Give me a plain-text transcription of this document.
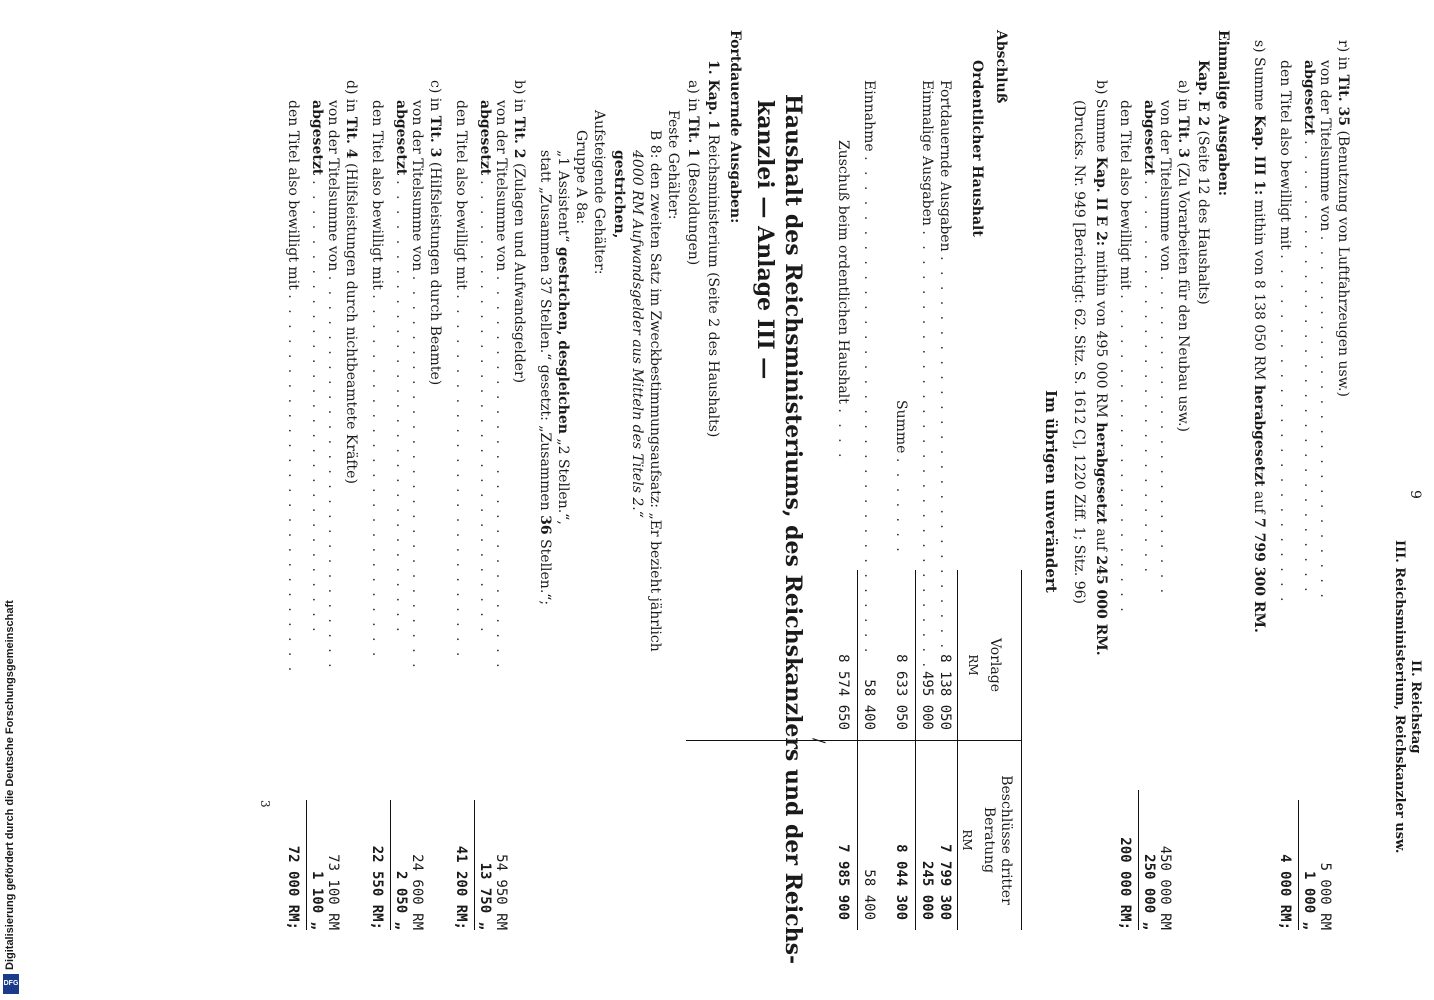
9
II. Reichstag
III. Reichsministerium, Reichskanzler usw.
r) in Tit. 35 (Benutzung von Luftfahrzeugen usw.)
von der Titelsumme von . . . . . . . . . . . . . . . . . . . . . . . . .
5 000 RM
abgesetzt . . . . . . . . . . . . . . . . . . . . . . . . . . . . . . .
1 000 „
den Titel also bewilligt mit . . . . . . . . . . . . . . . . . . . . . . . .
4 000 RM;
s) Summe Kap. III 1: mithin von 8 138 050 RM herabgesetzt auf 7 799 300 RM.
Einmalige Ausgaben:
Kap. E 2 (Seite 12 des Haushalts)
a) in Tit. 3 (Zu Vorarbeiten für den Neubau usw.)
von der Titelsumme von . . . . . . . . . . . . . . . . . . . . . .
450 000 RM
abgesetzt . . . . . . . . . . . . . . . . . . . . . . . . . . .
250 000 „
den Titel also bewilligt mit . . . . . . . . . . . . . . . . . . . . . .
200 000 RM;
b) Summe Kap. II E 2: mithin von 495 000 RM herabgesetzt auf 245 000 RM.
(Drucks. Nr. 949 [Berichtigt: 62. Sitz. S. 1612 C], 1220 Ziff. 1; Sitz. 96)
Im übrigen unverändert
Abschluß
Vorlage
RM
Beschlüsse dritter Beratung
RM
Ordentlicher Haushalt
Fortdauernde Ausgaben . . . . . . . . . . . . . . . . . . . . . . . . . . . .
8 138 050
7 799 300
Einmalige Ausgaben . . . . . . . . . . . . . . . . . . . . . . . . . . . . . .
495 000
245 000
Summe . . . . . . .
8 633 050
8 044 300
Einnahme . . . . . . . . . . . . . . . . . . . . . . . . . . . . . . . . . .
58 400
58 400
Zuschuß beim ordentlichen Haushalt . . . .
8 574 650
7 985 900
/
Haushalt des Reichsministeriums, des Reichskanzlers und der Reichs-
kanzlei — Anlage III —
Fortdauernde Ausgaben:
1. Kap. 1 Reichsministerium (Seite 2 des Haushalts)
a) in Tit. 1 (Besoldungen)
Feste Gehälter:
B 8: den zweiten Satz im Zweckbestimmungsaufsatz: „Er bezieht jährlich
4000 RM Aufwandsgelder aus Mitteln des Titels 2.“
gestrichen,
Aufsteigende Gehälter:
Gruppe A 8a:
„1 Assistent“ gestrichen, desgleichen „2 Stellen.“,
statt „Zusammen 37 Stellen.“ gesetzt: „Zusammen 36 Stellen.“;
b) in Tit. 2 (Zulagen und Aufwandsgelder)
von der Titelsumme von . . . . . . . . . . . . . . . . . . . . . . . . . . .
54 950 RM
abgesetzt . . . . . . . . . . . . . . . . . . . . . . . . . . . . . . .
13 750 „
den Titel also bewilligt mit . . . . . . . . . . . . . . . . . . . . . . . . .
41 200 RM;
c) in Tit. 3 (Hilfsleistungen durch Beamte)
von der Titelsumme von . . . . . . . . . . . . . . . . . . . . . . . . . . .
24 600 RM
abgesetzt . . . . . . . . . . . . . . . . . . . . . . . . . . . . . . .
2 050 „
den Titel also bewilligt mit . . . . . . . . . . . . . . . . . . . . . . . . .
22 550 RM;
d) in Tit. 4 (Hilfsleistungen durch nichtbeamtete Kräfte)
von der Titelsumme von . . . . . . . . . . . . . . . . . . . . . . . . . . .
73 100 RM
abgesetzt . . . . . . . . . . . . . . . . . . . . . . . . . . . . . . .
1 100 „
den Titel also bewilligt mit . . . . . . . . . . . . . . . . . . . . . . . . . .
72 000 RM;
3
Digitalisierung gefördert durch die Deutsche Forschungsgemeinschaft
DFG
